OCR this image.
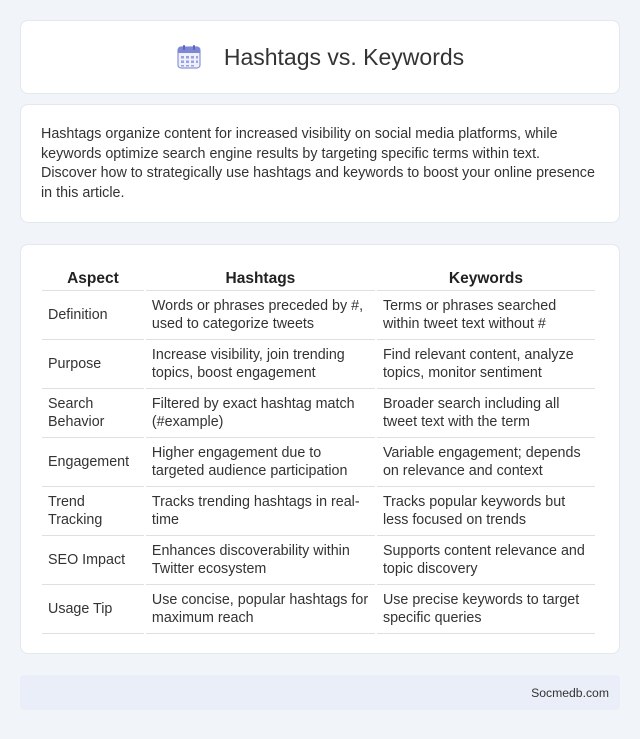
Hashtags vs. Keywords

Hashtags organize content for increased visibility on social media platforms, while keywords optimize search engine results by targeting specific terms within text. Discover how to strategically use hashtags and keywords to boost your online presence in this article.

Aspect	Hashtags	Keywords
Definition	Words or phrases preceded by #, used to categorize tweets	Terms or phrases searched within tweet text without #
Purpose	Increase visibility, join trending topics, boost engagement	Find relevant content, analyze topics, monitor sentiment
Search Behavior	Filtered by exact hashtag match (#example)	Broader search including all tweet text with the term
Engagement	Higher engagement due to targeted audience participation	Variable engagement; depends on relevance and context
Trend Tracking	Tracks trending hashtags in real-time	Tracks popular keywords but less focused on trends
SEO Impact	Enhances discoverability within Twitter ecosystem	Supports content relevance and topic discovery
Usage Tip	Use concise, popular hashtags for maximum reach	Use precise keywords to target specific queries
Socmedb.com
